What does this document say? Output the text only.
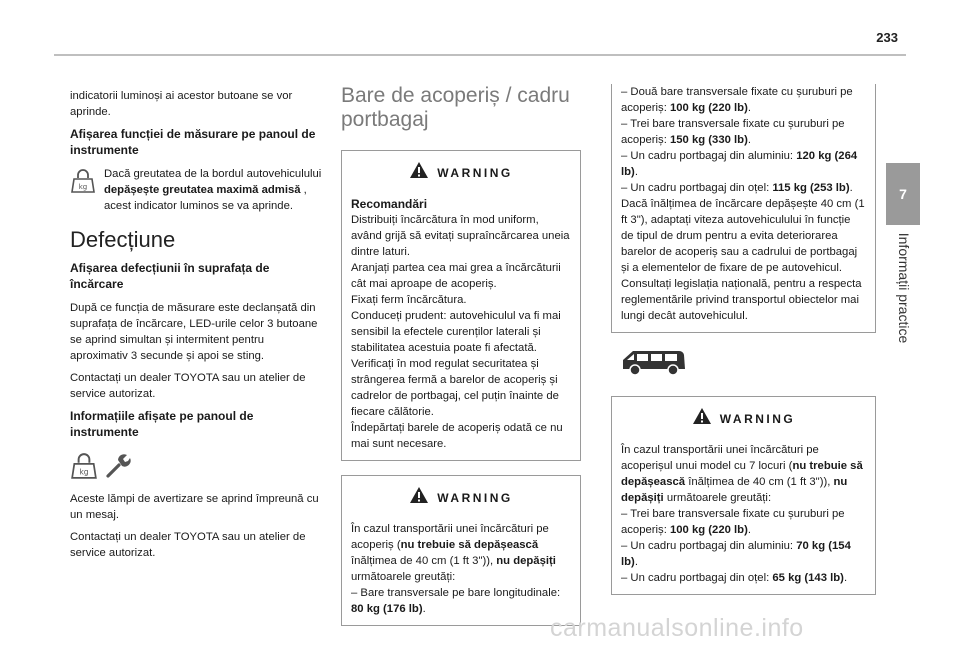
233
7
Informații practice

indicatorii luminoși ai acestor butoane se vor aprinde.

Afișarea funcției de măsurare pe panoul de instrumente

kg
Dacă greutatea de la bordul autovehiculului depășește greutatea maximă admisă , acest indicator luminos se va aprinde.

Defecțiune
Afișarea defecțiunii în suprafața de încărcare

După ce funcția de măsurare este declanșată din suprafața de încărcare, LED-urile celor 3 butoane se aprind simultan și intermitent pentru aproximativ 3 secunde și apoi se sting.

Contactați un dealer TOYOTA sau un atelier de service autorizat.

Informațiile afișate pe panoul de instrumente
kg

Aceste lămpi de avertizare se aprind împreună cu un mesaj.

Contactați un dealer TOYOTA sau un atelier de service autorizat.

Bare de acoperiș / cadru portbagaj
WARNING
Recomandări
Distribuiți încărcătura în mod uniform, având grijă să evitați supraîncărcarea uneia dintre laturi.
Aranjați partea cea mai grea a încărcăturii cât mai aproape de acoperiș.
Fixați ferm încărcătura.
Conduceți prudent: autovehiculul va fi mai sensibil la efectele curenților laterali și stabilitatea acestuia poate fi afectată.
Verificați în mod regulat securitatea și strângerea fermă a barelor de acoperiș și cadrelor de portbagaj, cel puțin înainte de fiecare călătorie.
Îndepărtați barele de acoperiș odată ce nu mai sunt necesare.
WARNING
În cazul transportării unei încărcături pe acoperiș (nu trebuie să depășească înălțimea de 40 cm (1 ft 3")), nu depășiți următoarele greutăți:
– Bare transversale pe bare longitudinale: 80 kg (176 lb).
– Două bare transversale fixate cu șuruburi pe acoperiș: 100 kg (220 lb).
– Trei bare transversale fixate cu șuruburi pe acoperiș: 150 kg (330 lb).
– Un cadru portbagaj din aluminiu: 120 kg (264 lb).
– Un cadru portbagaj din oțel: 115 kg (253 lb).
Dacă înălțimea de încărcare depășește 40 cm (1 ft 3"), adaptați viteza autovehiculului în funcție de tipul de drum pentru a evita deteriorarea barelor de acoperiș sau a cadrului de portbagaj și a elementelor de fixare de pe autovehicul.
Consultați legislația națională, pentru a respecta reglementările privind transportul obiectelor mai lungi decât autovehiculul.
WARNING
În cazul transportării unei încărcături pe acoperișul unui model cu 7 locuri (nu trebuie să depășească înălțimea de 40 cm (1 ft 3")), nu depășiți următoarele greutăți:
– Trei bare transversale fixate cu șuruburi pe acoperiș: 100 kg (220 lb).
– Un cadru portbagaj din aluminiu: 70 kg (154 lb).
– Un cadru portbagaj din oțel: 65 kg (143 lb).
carmanualsonline.info
